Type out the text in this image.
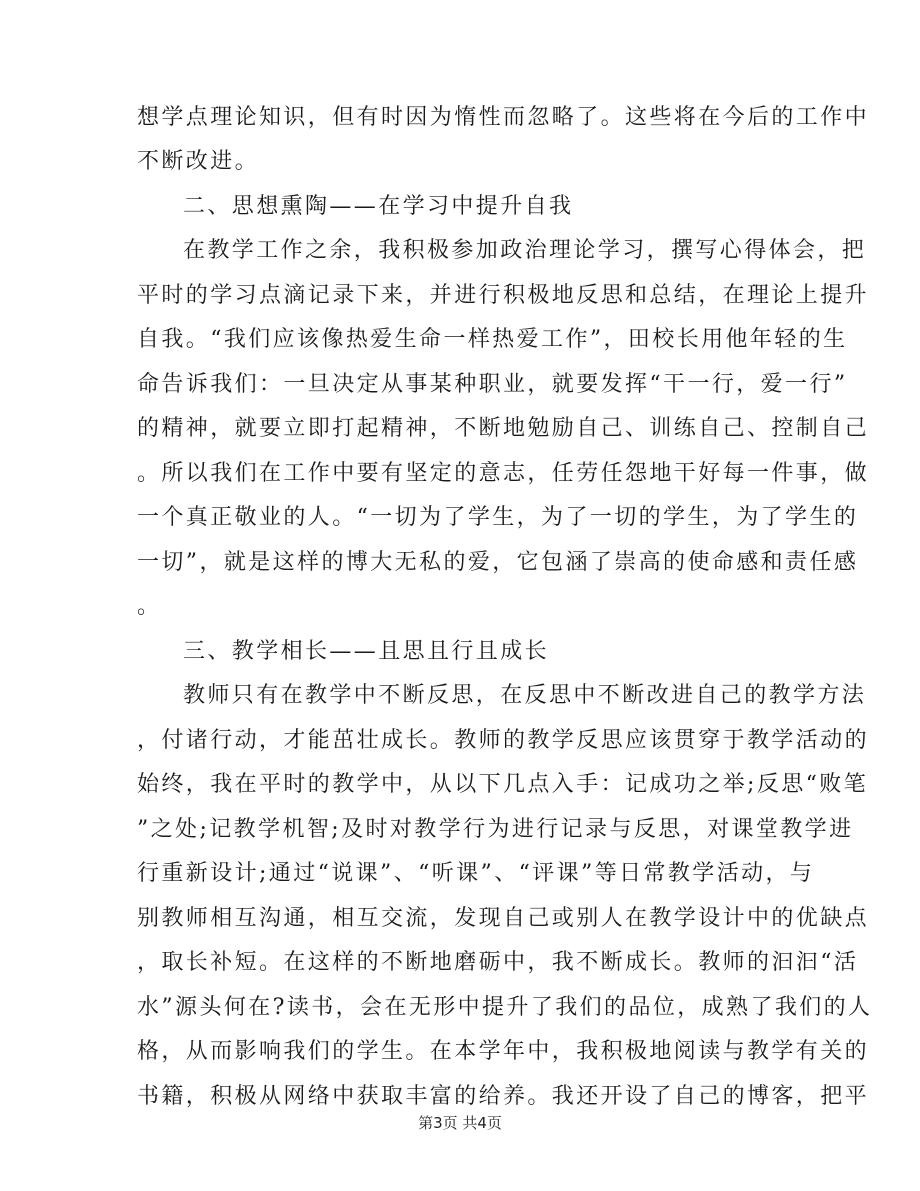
想学点理论知识，但有时因为惰性而忽略了。这些将在今后的工作中
不断改进。
二、思想熏陶——在学习中提升自我
在教学工作之余，我积极参加政治理论学习，撰写心得体会，把
平时的学习点滴记录下来，并进行积极地反思和总结，在理论上提升
自我。“我们应该像热爱生命一样热爱工作”，田校长用他年轻的生
命告诉我们：一旦决定从事某种职业，就要发挥“干一行，爱一行”
的精神，就要立即打起精神，不断地勉励自己、训练自己、控制自己
。所以我们在工作中要有坚定的意志，任劳任怨地干好每一件事，做
一个真正敬业的人。“一切为了学生，为了一切的学生，为了学生的
一切”，就是这样的博大无私的爱，它包涵了崇高的使命感和责任感
。
三、教学相长——且思且行且成长
教师只有在教学中不断反思，在反思中不断改进自己的教学方法
，付诸行动，才能茁壮成长。教师的教学反思应该贯穿于教学活动的
始终，我在平时的教学中，从以下几点入手：记成功之举;反思“败笔
”之处;记教学机智;及时对教学行为进行记录与反思，对课堂教学进
行重新设计;通过“说课”、“听课”、“评课”等日常教学活动，与
别教师相互沟通，相互交流，发现自己或别人在教学设计中的优缺点
，取长补短。在这样的不断地磨砺中，我不断成长。教师的汩汩“活
水”源头何在?读书，会在无形中提升了我们的品位，成熟了我们的人
格，从而影响我们的学生。在本学年中，我积极地阅读与教学有关的
书籍，积极从网络中获取丰富的给养。我还开设了自己的博客，把平
第3页 共4页
